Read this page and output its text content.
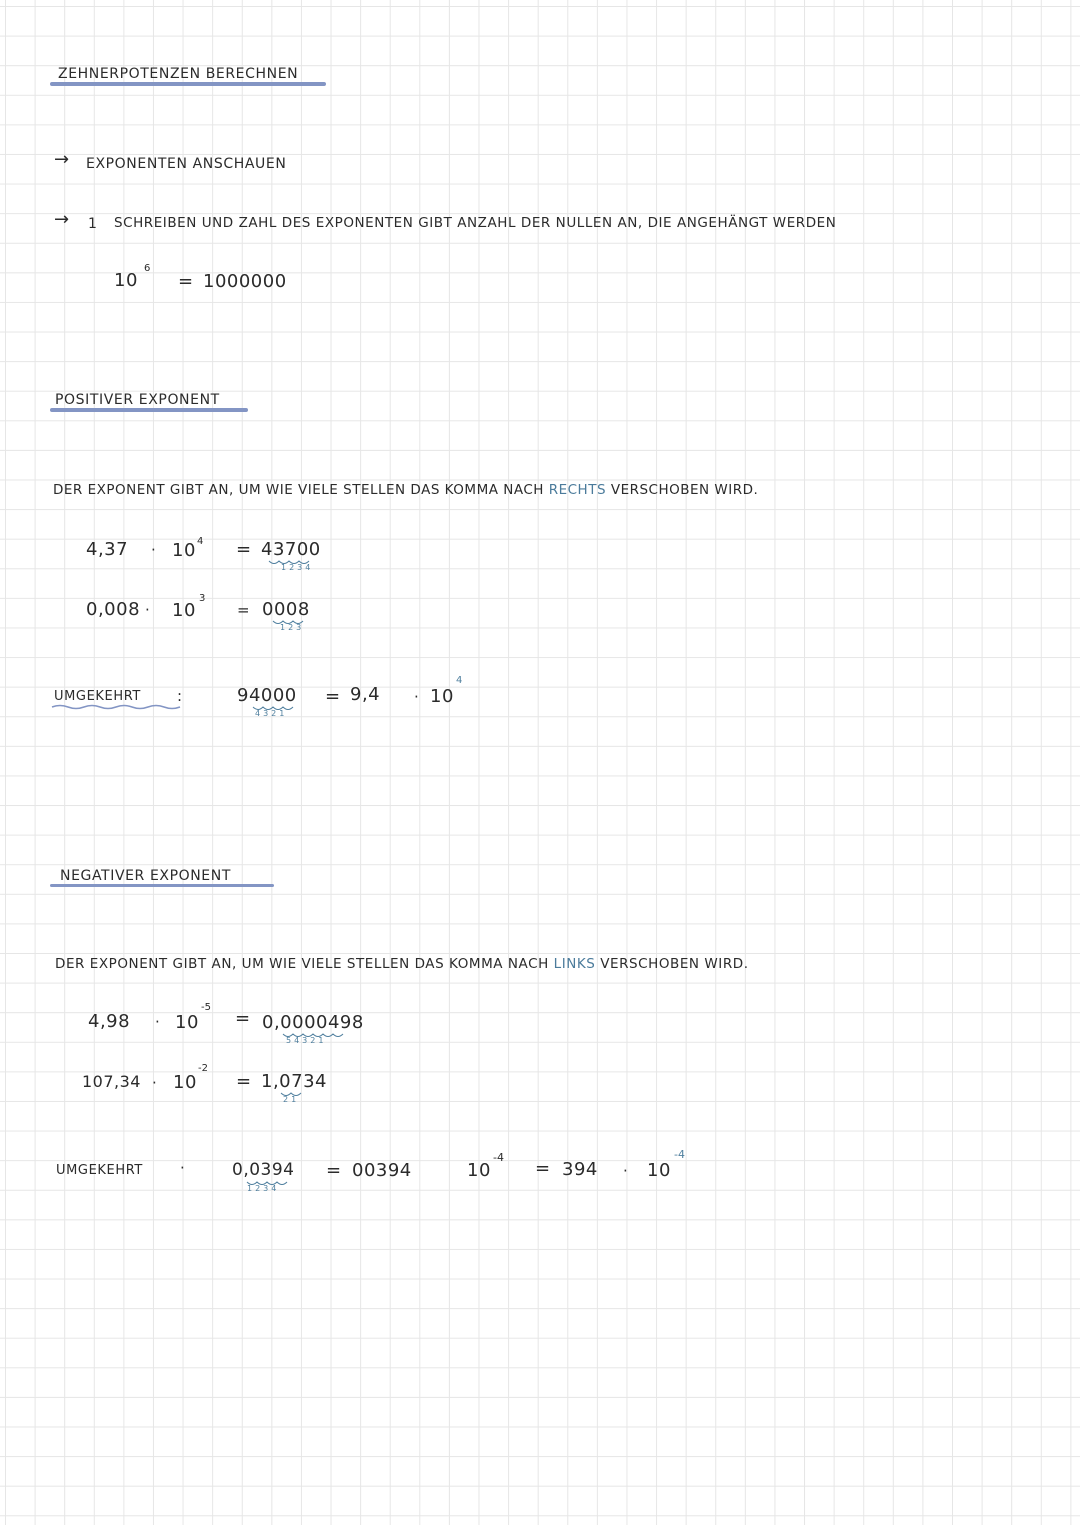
ZEHNERPOTENZEN BERECHNEN
→ EXPONENTEN ANSCHAUEN
→ 1 SCHREIBEN UND ZAHL DES EXPONENTEN GIBT ANZAHL DER NULLEN AN, DIE ANGEHÄNGT WERDEN
10
6
= 1000000
POSITIVER EXPONENT
DER EXPONENT GIBT AN, UM WIE VIELE STELLEN DAS KOMMA NACH RECHTS VERSCHOBEN WIRD.
4,37 · 10 4 = 43700
1234
0,008 · 10
3
= 0008
123
UMGEKEHRT :	94000
4321
= 9,4 · 10
4
NEGATIVER EXPONENT
DER EXPONENT GIBT AN, UM WIE VIELE STELLEN DAS KOMMA NACH LINKS VERSCHOBEN WIRD.
4,98 · 10
-5
= 0,0000498
54321
107,34 · 10
-2
= 1,0734
21
UMGEKEHRT ·	0,0394
1234
= 00394	10
-4
= 394 · 10
-4
